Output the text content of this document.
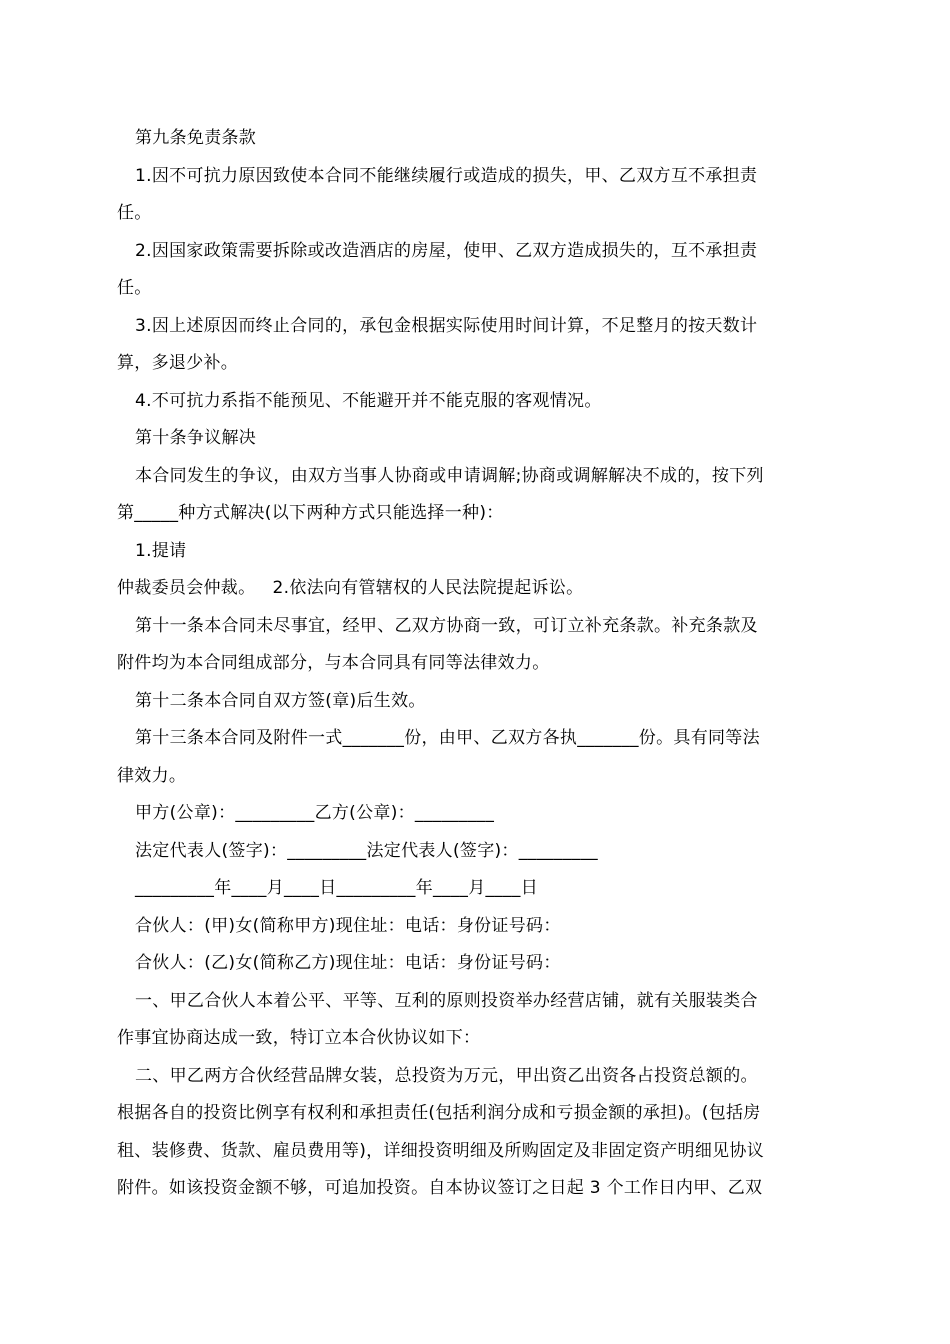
第九条免责条款
1.因不可抗力原因致使本合同不能继续履行或造成的损失，甲、乙双方互不承担责
任。
2.因国家政策需要拆除或改造酒店的房屋，使甲、乙双方造成损失的，互不承担责
任。
3.因上述原因而终止合同的，承包金根据实际使用时间计算，不足整月的按天数计
算，多退少补。
4.不可抗力系指不能预见、不能避开并不能克服的客观情况。
第十条争议解决
本合同发生的争议，由双方当事人协商或申请调解;协商或调解解决不成的，按下列
第_____种方式解决(以下两种方式只能选择一种)：
1.提请
仲裁委员会仲裁。   2.依法向有管辖权的人民法院提起诉讼。
第十一条本合同未尽事宜，经甲、乙双方协商一致，可订立补充条款。补充条款及
附件均为本合同组成部分，与本合同具有同等法律效力。
第十二条本合同自双方签(章)后生效。
第十三条本合同及附件一式_______份，由甲、乙双方各执_______份。具有同等法
律效力。
甲方(公章)：_________乙方(公章)：_________
法定代表人(签字)：_________法定代表人(签字)：_________
_________年____月____日_________年____月____日
合伙人：(甲)女(简称甲方)现住址：电话：身份证号码：
合伙人：(乙)女(简称乙方)现住址：电话：身份证号码：
一、甲乙合伙人本着公平、平等、互利的原则投资举办经营店铺，就有关服装类合
作事宜协商达成一致，特订立本合伙协议如下：
二、甲乙两方合伙经营品牌女装，总投资为万元，甲出资乙出资各占投资总额的。
根据各自的投资比例享有权利和承担责任(包括利润分成和亏损金额的承担)。(包括房
租、装修费、货款、雇员费用等)，详细投资明细及所购固定及非固定资产明细见协议
附件。如该投资金额不够，可追加投资。自本协议签订之日起 3 个工作日内甲、乙双
